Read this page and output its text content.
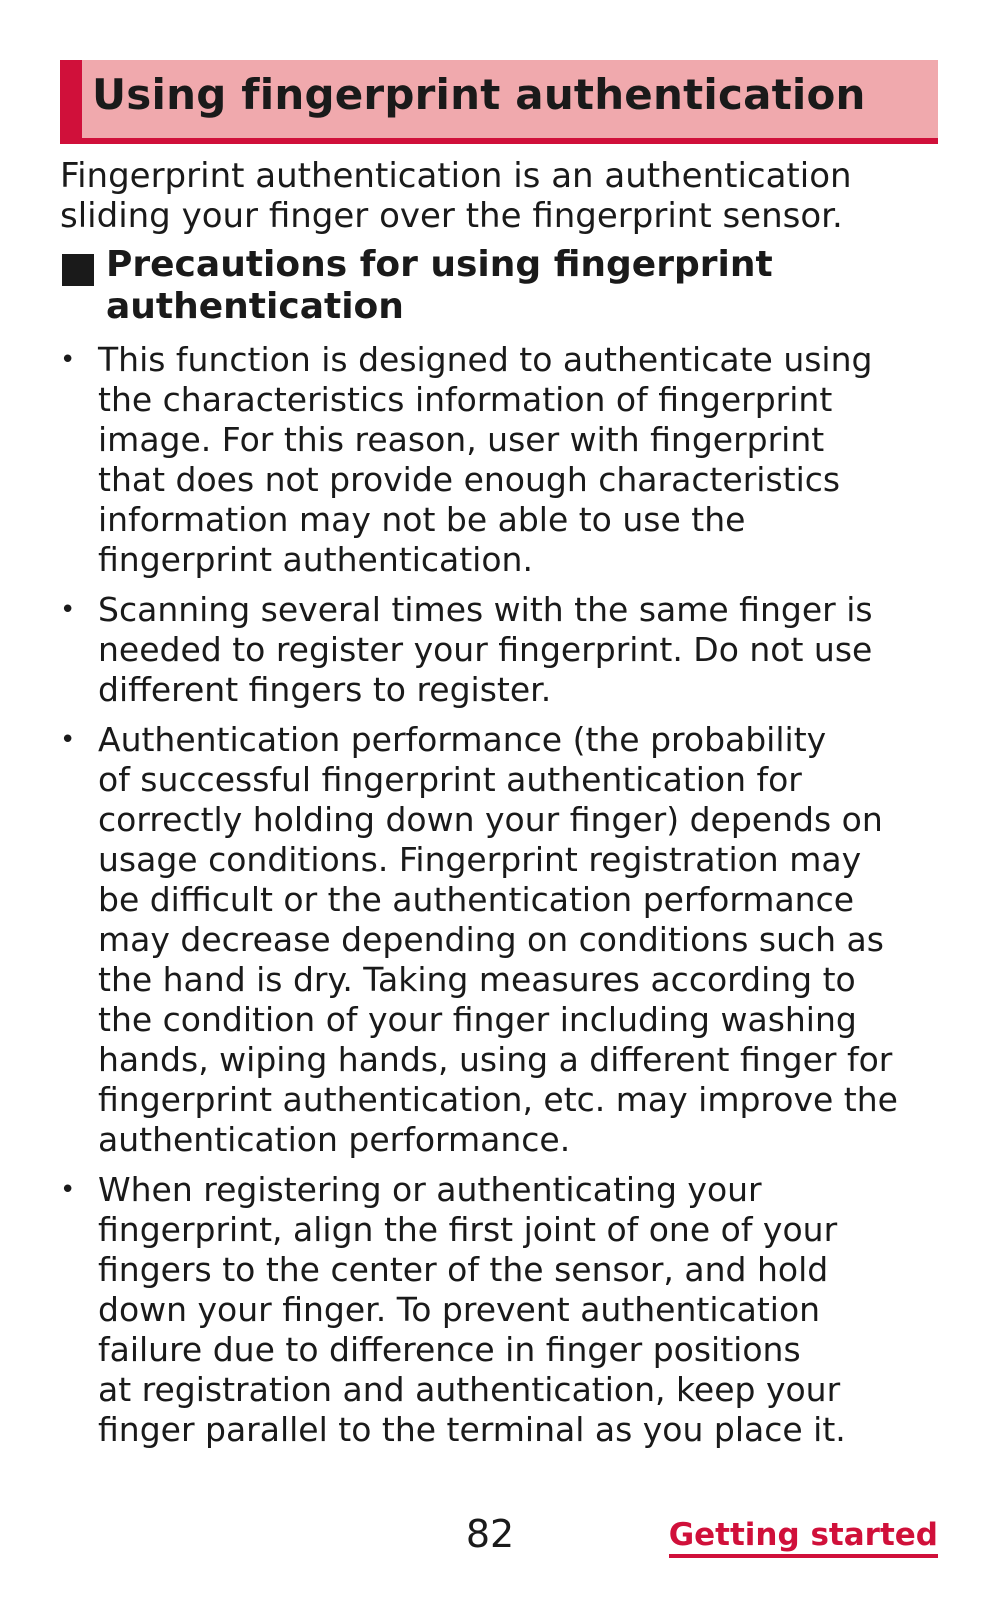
Using fingerprint authentication
Fingerprint authentication is an authentication
sliding your finger over the fingerprint sensor.
Precautions for using fingerprint
authentication
• This function is designed to authenticate using
the characteristics information of fingerprint
image. For this reason, user with fingerprint
that does not provide enough characteristics
information may not be able to use the
fingerprint authentication.
• Scanning several times with the same finger is
needed to register your fingerprint. Do not use
different fingers to register.
• Authentication performance (the probability
of successful fingerprint authentication for
correctly holding down your finger) depends on
usage conditions. Fingerprint registration may
be difficult or the authentication performance
may decrease depending on conditions such as
the hand is dry. Taking measures according to
the condition of your finger including washing
hands, wiping hands, using a different finger for
fingerprint authentication, etc. may improve the
authentication performance.
• When registering or authenticating your
fingerprint, align the first joint of one of your
fingers to the center of the sensor, and hold
down your finger. To prevent authentication
failure due to difference in finger positions
at registration and authentication, keep your
finger parallel to the terminal as you place it.
82	Getting started
